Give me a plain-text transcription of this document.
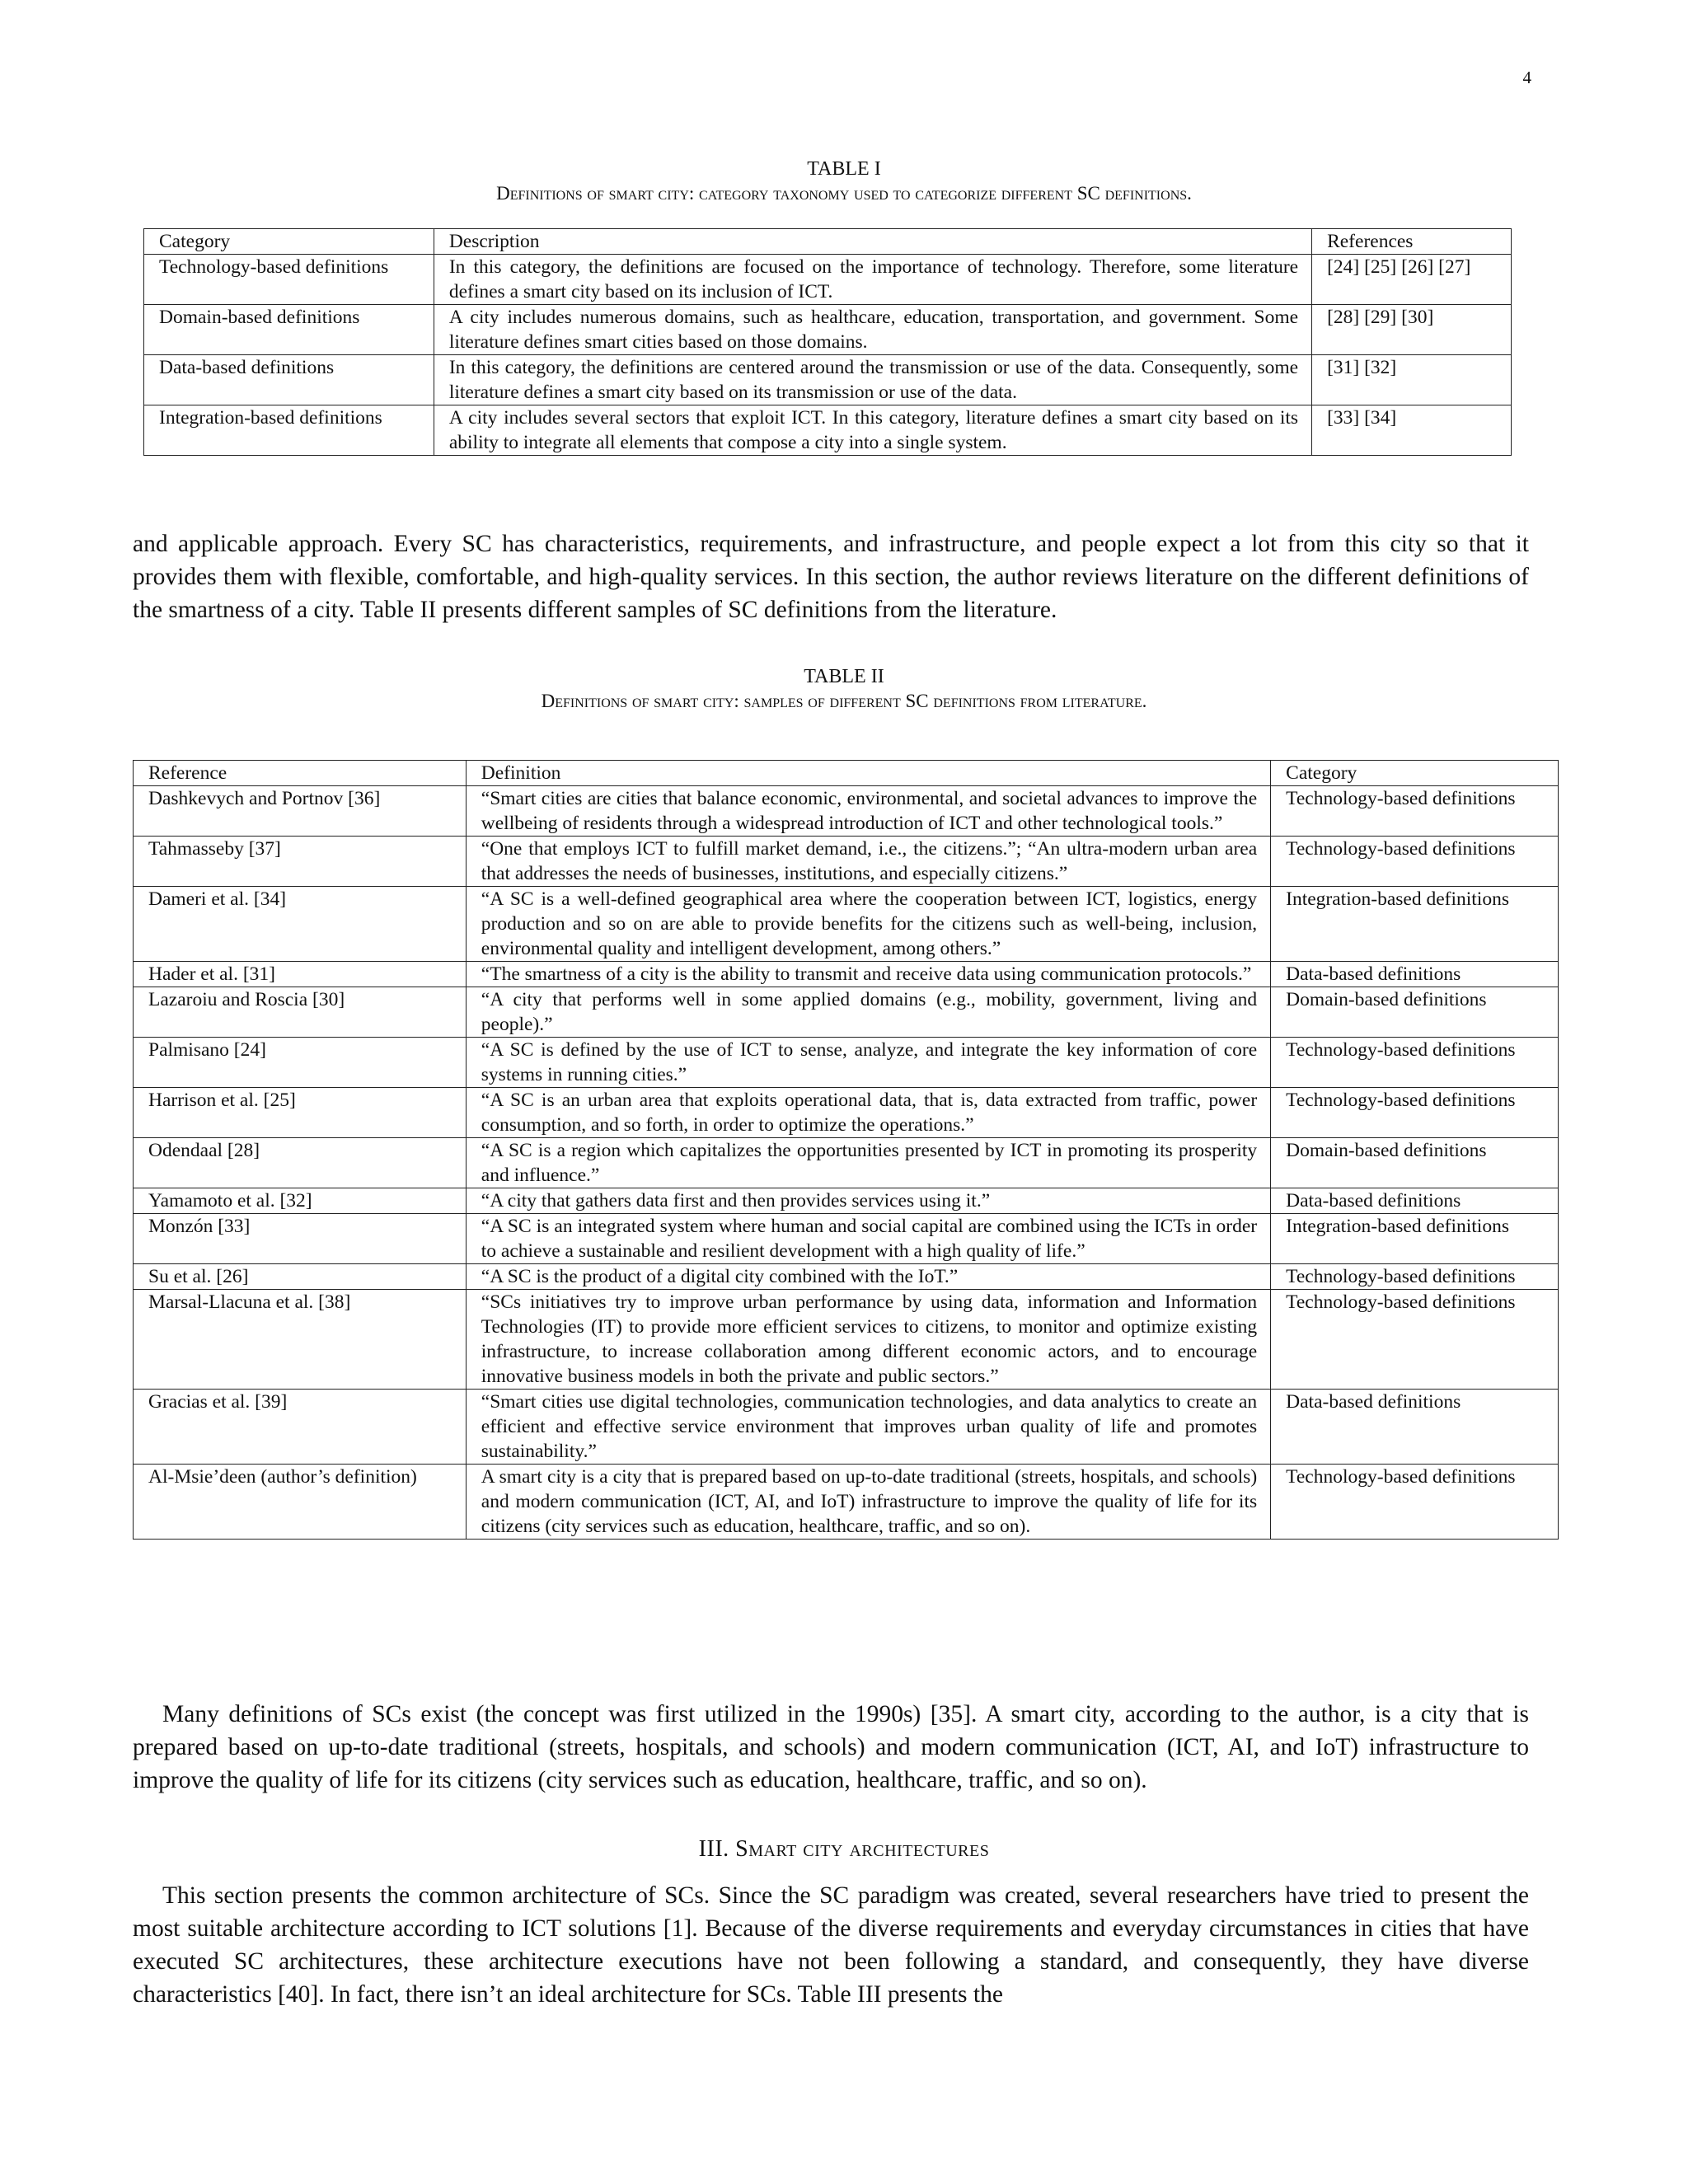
4
TABLE I
Definitions of smart city: category taxonomy used to categorize different SC definitions.
Category	Description	References
Technology-based definitions	In this category, the definitions are focused on the importance of technology. Therefore, some literature defines a smart city based on its inclusion of ICT.	[24] [25] [26] [27]
Domain-based definitions	A city includes numerous domains, such as healthcare, education, transportation, and government. Some literature defines smart cities based on those domains.	[28] [29] [30]
Data-based definitions	In this category, the definitions are centered around the transmission or use of the data. Consequently, some literature defines a smart city based on its transmission or use of the data.	[31] [32]
Integration-based definitions	A city includes several sectors that exploit ICT. In this category, literature defines a smart city based on its ability to integrate all elements that compose a city into a single system.	[33] [34]

and applicable approach. Every SC has characteristics, requirements, and infrastructure, and people expect a lot from this city so that it provides them with flexible, comfortable, and high-quality services. In this section, the author reviews literature on the different definitions of the smartness of a city. Table II presents different samples of SC definitions from the literature.

TABLE II
Definitions of smart city: samples of different SC definitions from literature.
Reference	Definition	Category
Dashkevych and Portnov [36]	“Smart cities are cities that balance economic, environmental, and societal advances to improve the wellbeing of residents through a widespread introduction of ICT and other technological tools.”	Technology-based definitions
Tahmasseby [37]	“One that employs ICT to fulfill market demand, i.e., the citizens.”; “An ultra-modern urban area that addresses the needs of businesses, institutions, and especially citizens.”	Technology-based definitions
Dameri et al. [34]	“A SC is a well-defined geographical area where the cooperation between ICT, logistics, energy production and so on are able to provide benefits for the citizens such as well-being, inclusion, environmental quality and intelligent development, among others.”	Integration-based definitions
Hader et al. [31]	“The smartness of a city is the ability to transmit and receive data using communication protocols.”	Data-based definitions
Lazaroiu and Roscia [30]	“A city that performs well in some applied domains (e.g., mobility, government, living and people).”	Domain-based definitions
Palmisano [24]	“A SC is defined by the use of ICT to sense, analyze, and integrate the key information of core systems in running cities.”	Technology-based definitions
Harrison et al. [25]	“A SC is an urban area that exploits operational data, that is, data extracted from traffic, power consumption, and so forth, in order to optimize the operations.”	Technology-based definitions
Odendaal [28]	“A SC is a region which capitalizes the opportunities presented by ICT in promoting its prosperity and influence.”	Domain-based definitions
Yamamoto et al. [32]	“A city that gathers data first and then provides services using it.”	Data-based definitions
Monzón [33]	“A SC is an integrated system where human and social capital are combined using the ICTs in order to achieve a sustainable and resilient development with a high quality of life.”	Integration-based definitions
Su et al. [26]	“A SC is the product of a digital city combined with the IoT.”	Technology-based definitions
Marsal-Llacuna et al. [38]	“SCs initiatives try to improve urban performance by using data, information and Information Technologies (IT) to provide more efficient services to citizens, to monitor and optimize existing infrastructure, to increase collaboration among different economic actors, and to encourage innovative business models in both the private and public sectors.”	Technology-based definitions
Gracias et al. [39]	“Smart cities use digital technologies, communication technologies, and data analytics to create an efficient and effective service environment that improves urban quality of life and promotes sustainability.”	Data-based definitions
Al-Msie’deen (author’s definition)	A smart city is a city that is prepared based on up-to-date traditional (streets, hospitals, and schools) and modern communication (ICT, AI, and IoT) infrastructure to improve the quality of life for its citizens (city services such as education, healthcare, traffic, and so on).	Technology-based definitions

Many definitions of SCs exist (the concept was first utilized in the 1990s) [35]. A smart city, according to the author, is a city that is prepared based on up-to-date traditional (streets, hospitals, and schools) and modern communication (ICT, AI, and IoT) infrastructure to improve the quality of life for its citizens (city services such as education, healthcare, traffic, and so on).

III. Smart city architectures

This section presents the common architecture of SCs. Since the SC paradigm was created, several researchers have tried to present the most suitable architecture according to ICT solutions [1]. Because of the diverse requirements and everyday circumstances in cities that have executed SC architectures, these architecture executions have not been following a standard, and consequently, they have diverse characteristics [40]. In fact, there isn’t an ideal architecture for SCs. Table III presents the
